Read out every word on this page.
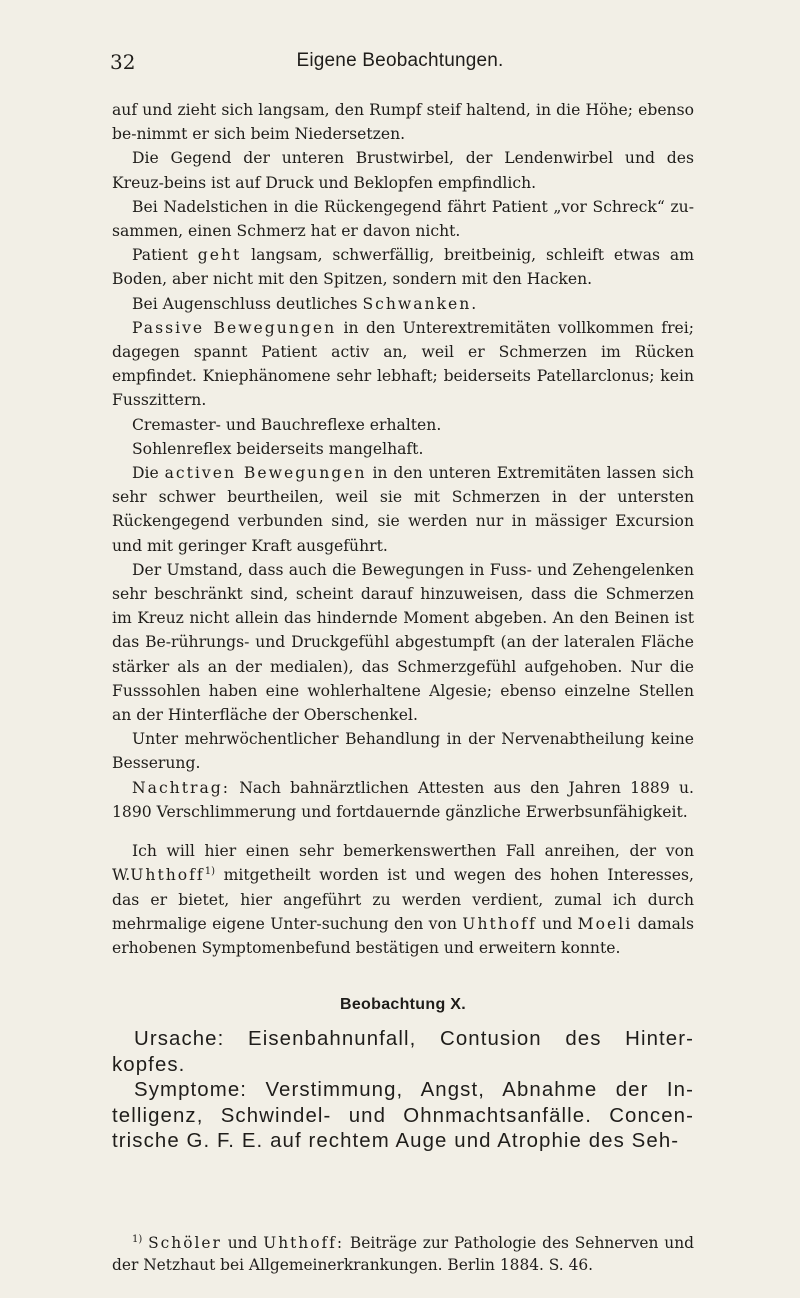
32	Eigene Beobachtungen.

auf und zieht sich langsam, den Rumpf steif haltend, in die Höhe; ebenso be-nimmt er sich beim Niedersetzen.

Die Gegend der unteren Brustwirbel, der Lendenwirbel und des Kreuz-beins ist auf Druck und Beklopfen empfindlich.

Bei Nadelstichen in die Rückengegend fährt Patient „vor Schreck“ zu-sammen, einen Schmerz hat er davon nicht.

Patient geht langsam, schwerfällig, breitbeinig, schleift etwas am Boden, aber nicht mit den Spitzen, sondern mit den Hacken.

Bei Augenschluss deutliches Schwanken.

Passive Bewegungen in den Unterextremitäten vollkommen frei; dagegen spannt Patient activ an, weil er Schmerzen im Rücken empfindet. Kniephänomene sehr lebhaft; beiderseits Patellarclonus; kein Fusszittern.

Cremaster- und Bauchreflexe erhalten.

Sohlenreflex beiderseits mangelhaft.

Die activen Bewegungen in den unteren Extremitäten lassen sich sehr schwer beurtheilen, weil sie mit Schmerzen in der untersten Rückengegend verbunden sind, sie werden nur in mässiger Excursion und mit geringer Kraft ausgeführt.

Der Umstand, dass auch die Bewegungen in Fuss- und Zehengelenken sehr beschränkt sind, scheint darauf hinzuweisen, dass die Schmerzen im Kreuz nicht allein das hindernde Moment abgeben. An den Beinen ist das Be-rührungs- und Druckgefühl abgestumpft (an der lateralen Fläche stärker als an der medialen), das Schmerzgefühl aufgehoben. Nur die Fusssohlen haben eine wohlerhaltene Algesie; ebenso einzelne Stellen an der Hinterfläche der Oberschenkel.

Unter mehrwöchentlicher Behandlung in der Nervenabtheilung keine Besserung.

Nachtrag: Nach bahnärztlichen Attesten aus den Jahren 1889 u. 1890 Verschlimmerung und fortdauernde gänzliche Erwerbsunfähigkeit.

Ich will hier einen sehr bemerkenswerthen Fall anreihen, der von W.Uhthoff$^{1)}$ mitgetheilt worden ist und wegen des hohen Interesses, das er bietet, hier angeführt zu werden verdient, zumal ich durch mehrmalige eigene Unter-suchung den von Uhthoff und Moeli damals erhobenen Symptomenbefund bestätigen und erweitern konnte.

Beobachtung X.

Ursache: Eisenbahnunfall, Contusion des Hinter-kopfes.

Symptome: Verstimmung, Angst, Abnahme der In-telligenz, Schwindel- und Ohnmachtsanfälle. Concen-trische G. F. E. auf rechtem Auge und Atrophie des Seh-

$^{1)}$ Schöler und Uhthoff: Beiträge zur Pathologie des Sehnerven und der Netzhaut bei Allgemeinerkrankungen. Berlin 1884. S. 46.
